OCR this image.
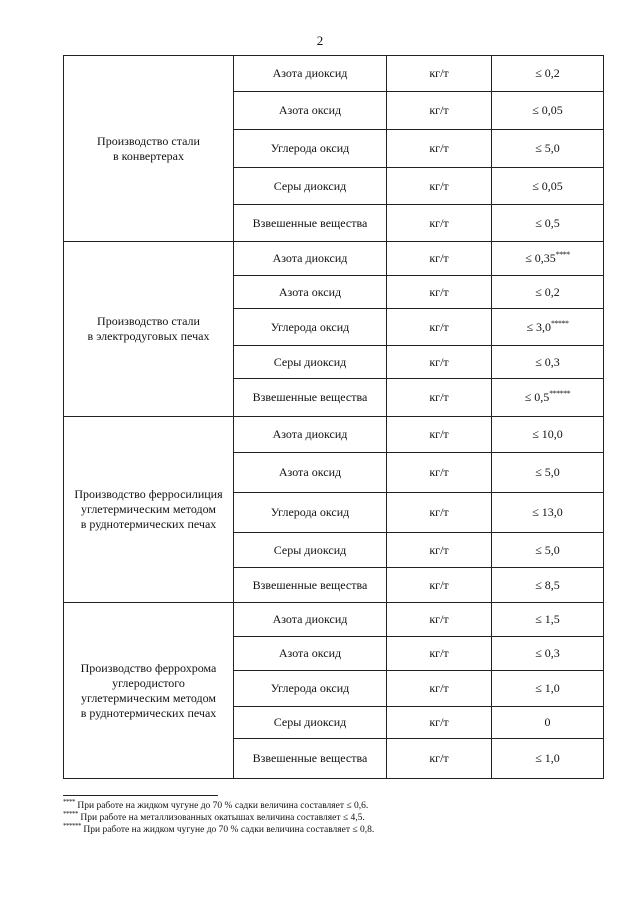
2
Производство стали
в конвертерах	Азота диоксид	кг/т	≤ 0,2
	Азота оксид	кг/т	≤ 0,05
	Углерода оксид	кг/т	≤ 5,0
	Серы диоксид	кг/т	≤ 0,05
	Взвешенные вещества	кг/т	≤ 0,5
Производство стали
в электродуговых печах	Азота диоксид	кг/т	≤ 0,35****
	Азота оксид	кг/т	≤ 0,2
	Углерода оксид	кг/т	≤ 3,0*****
	Серы диоксид	кг/т	≤ 0,3
	Взвешенные вещества	кг/т	≤ 0,5******
Производство ферросилиция
углетермическим методом
в руднотермических печах	Азота диоксид	кг/т	≤ 10,0
	Азота оксид	кг/т	≤ 5,0
	Углерода оксид	кг/т	≤ 13,0
	Серы диоксид	кг/т	≤ 5,0
	Взвешенные вещества	кг/т	≤ 8,5
Производство феррохрома
углеродистого
углетермическим методом
в руднотермических печах	Азота диоксид	кг/т	≤ 1,5
	Азота оксид	кг/т	≤ 0,3
	Углерода оксид	кг/т	≤ 1,0
	Серы диоксид	кг/т	0
	Взвешенные вещества	кг/т	≤ 1,0
**** При работе на жидком чугуне до 70 % садки величина составляет ≤ 0,6.
***** При работе на металлизованных окатышах величина составляет ≤ 4,5.
****** При работе на жидком чугуне до 70 % садки величина составляет ≤ 0,8.
